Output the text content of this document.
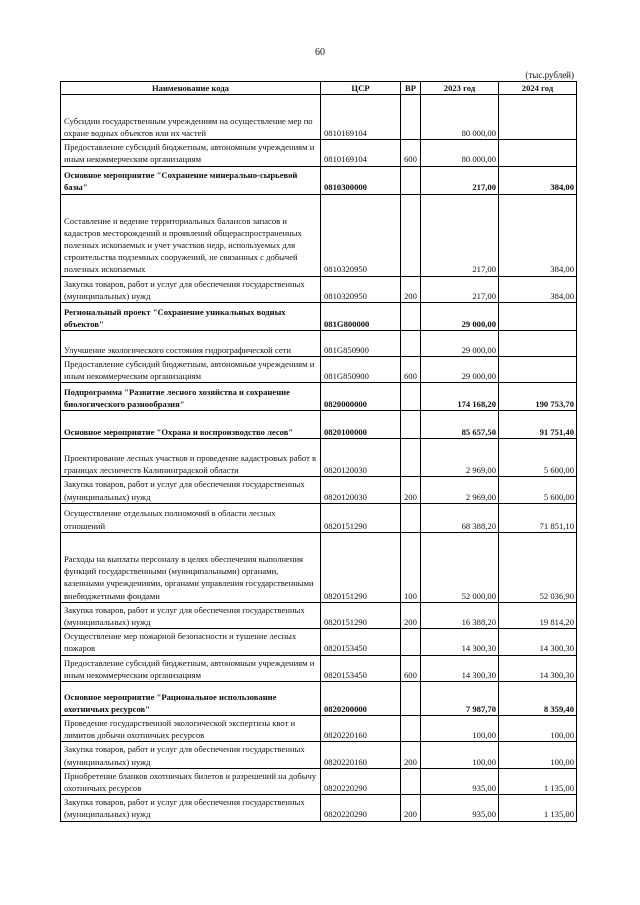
60
(тыс.рублей)
Наименование кода	ЦСР	ВР	2023 год	2024 год
Субсидии государственным учреждениям на осуществление мер по охране водных объектов или их частей	0810169104		80 000,00	
Предоставление субсидий бюджетным, автономным учреждениям и иным некоммерческим организациям	0810169104	600	80 000,00	
Основное мероприятие "Сохранение минерально-сырьевой базы"	0810300000		217,00	384,00
Составление и ведение территориальных балансов запасов и кадастров месторождений и проявлений общераспространенных полезных ископаемых и учет участков недр, используемых для строительства подземных сооружений, не связанных с добычей полезных ископаемых	0810320950		217,00	384,00
Закупка товаров, работ и услуг для обеспечения государственных (муниципальных) нужд	0810320950	200	217,00	384,00
Региональный проект "Сохранение уникальных водных объектов"	081G800000		29 000,00	
Улучшение экологического состояния гидрографической сети	081G850900		29 000,00	
Предоставление субсидий бюджетным, автономным учреждениям и иным некоммерческим организациям	081G850900	600	29 000,00	
Подпрограмма "Развитие лесного хозяйства и сохранение биологического разнообразия"	0820000000		174 168,20	190 753,70
Основное мероприятие "Охрана и воспроизводство лесов"	0820100000		85 657,50	91 751,40
Проектирование лесных участков и проведение кадастровых работ в границах лесничеств Калининградской области	0820120030		2 969,00	5 600,00
Закупка товаров, работ и услуг для обеспечения государственных (муниципальных) нужд	0820120030	200	2 969,00	5 600,00
Осуществление отдельных полномочий в области лесных отношений	0820151290		68 388,20	71 851,10
Расходы на выплаты персоналу в целях обеспечения выполнения функций государственными (муниципальными) органами, казенными учреждениями, органами управления государственными внебюджетными фондами	0820151290	100	52 000,00	52 036,90
Закупка товаров, работ и услуг для обеспечения государственных (муниципальных) нужд	0820151290	200	16 388,20	19 814,20
Осуществление мер пожарной безопасности и тушение лесных пожаров	0820153450		14 300,30	14 300,30
Предоставление субсидий бюджетным, автономным учреждениям и иным некоммерческим организациям	0820153450	600	14 300,30	14 300,30
Основное мероприятие "Рациональное использование охотничьих ресурсов"	0820200000		7 987,70	8 359,40
Проведение государственной экологической экспертизы квот и лимитов добычи охотничьих ресурсов	0820220160		100,00	100,00
Закупка товаров, работ и услуг для обеспечения государственных (муниципальных) нужд	0820220160	200	100,00	100,00
Приобретение бланков охотничьих билетов и разрешений на добычу охотничьих ресурсов	0820220290		935,00	1 135,00
Закупка товаров, работ и услуг для обеспечения государственных (муниципальных) нужд	0820220290	200	935,00	1 135,00
